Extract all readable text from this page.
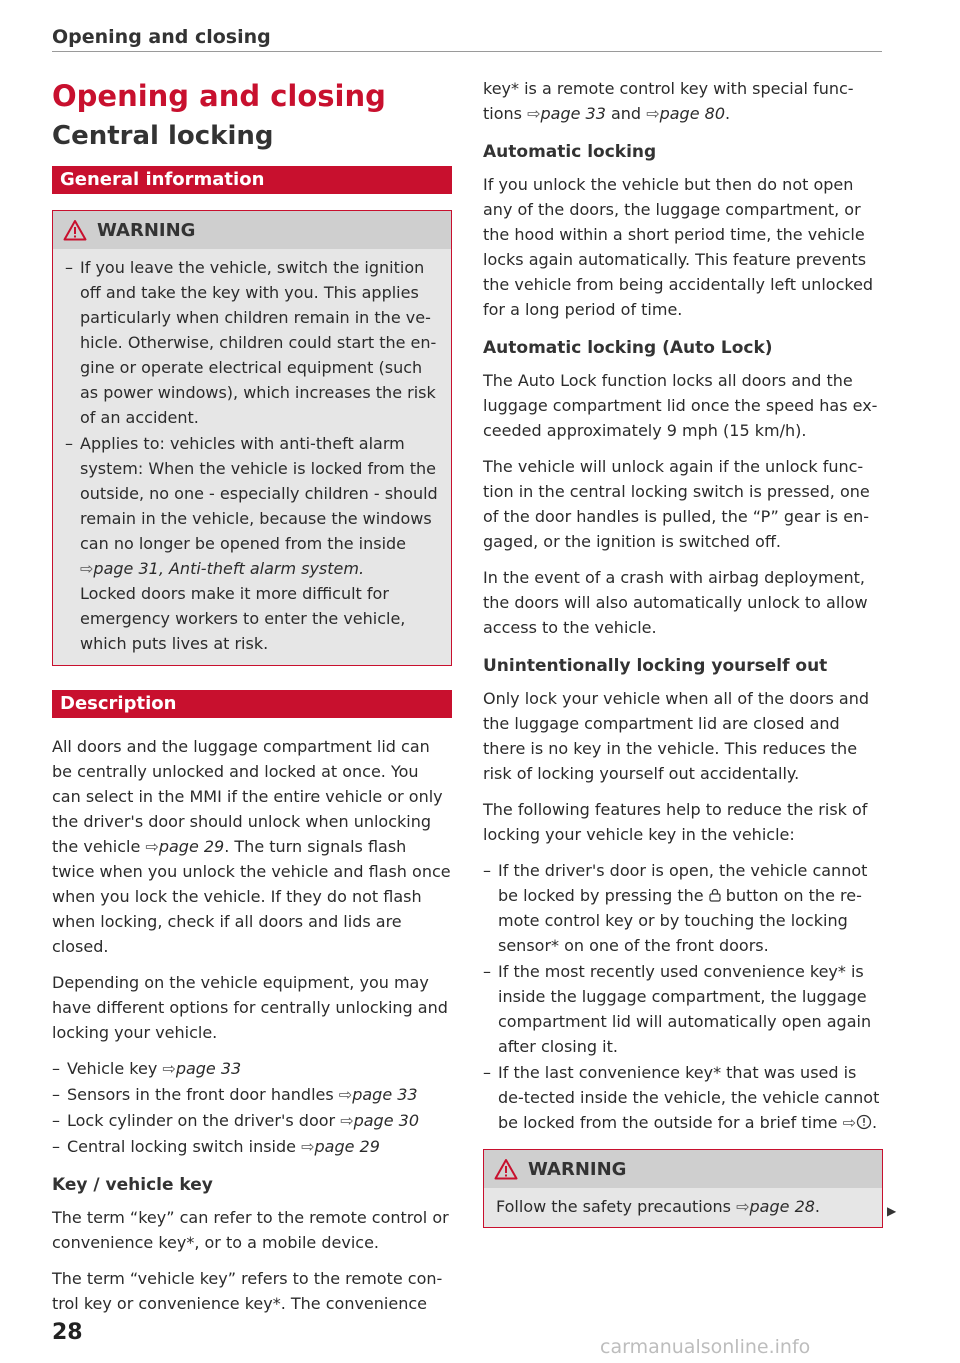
Opening and closing
Opening and closing
Central locking
General information
WARNING
– If you leave the vehicle, switch the ignition off and take the key with you. This applies particularly when children remain in the ve-hicle. Otherwise, children could start the en-gine or operate electrical equipment (such as power windows), which increases the risk of an accident.
– Applies to: vehicles with anti-theft alarm system: When the vehicle is locked from the outside, no one - especially children - should remain in the vehicle, because the windows can no longer be opened from the inside ⇨page 31, Anti-theft alarm system.
Locked doors make it more difficult for emergency workers to enter the vehicle, which puts lives at risk.
Description

All doors and the luggage compartment lid can be centrally unlocked and locked at once. You can select in the MMI if the entire vehicle or only the driver's door should unlock when unlocking the vehicle ⇨page 29. The turn signals flash twice when you unlock the vehicle and flash once when you lock the vehicle. If they do not flash when locking, check if all doors and lids are closed.

Depending on the vehicle equipment, you may have different options for centrally unlocking and locking your vehicle.

– Vehicle key ⇨page 33
– Sensors in the front door handles ⇨page 33
– Lock cylinder on the driver's door ⇨page 30
– Central locking switch inside ⇨page 29
Key / vehicle key

The term “key” can refer to the remote control or convenience key*, or to a mobile device.

The term “vehicle key” refers to the remote con-trol key or convenience key*. The convenience

key* is a remote control key with special func-tions ⇨page 33 and ⇨page 80.

Automatic locking

If you unlock the vehicle but then do not open any of the doors, the luggage compartment, or the hood within a short period time, the vehicle locks again automatically. This feature prevents the vehicle from being accidentally left unlocked for a long period of time.

Automatic locking (Auto Lock)

The Auto Lock function locks all doors and the luggage compartment lid once the speed has ex-ceeded approximately 9 mph (15 km/h).

The vehicle will unlock again if the unlock func-tion in the central locking switch is pressed, one of the door handles is pulled, the “P” gear is en-gaged, or the ignition is switched off.

In the event of a crash with airbag deployment, the doors will also automatically unlock to allow access to the vehicle.

Unintentionally locking yourself out

Only lock your vehicle when all of the doors and the luggage compartment lid are closed and there is no key in the vehicle. This reduces the risk of locking yourself out accidentally.

The following features help to reduce the risk of locking your vehicle key in the vehicle:

– If the driver's door is open, the vehicle cannot be locked by pressing the button on the re-mote control key or by touching the locking sensor* on one of the front doors.
– If the most recently used convenience key* is inside the luggage compartment, the luggage compartment lid will automatically open again after closing it.
– If the last convenience key* that was used is de-tected inside the vehicle, the vehicle cannot be locked from the outside for a brief time ⇨ .
WARNING
Follow the safety precautions ⇨page 28.	▶
28
carmanualsonline.info
